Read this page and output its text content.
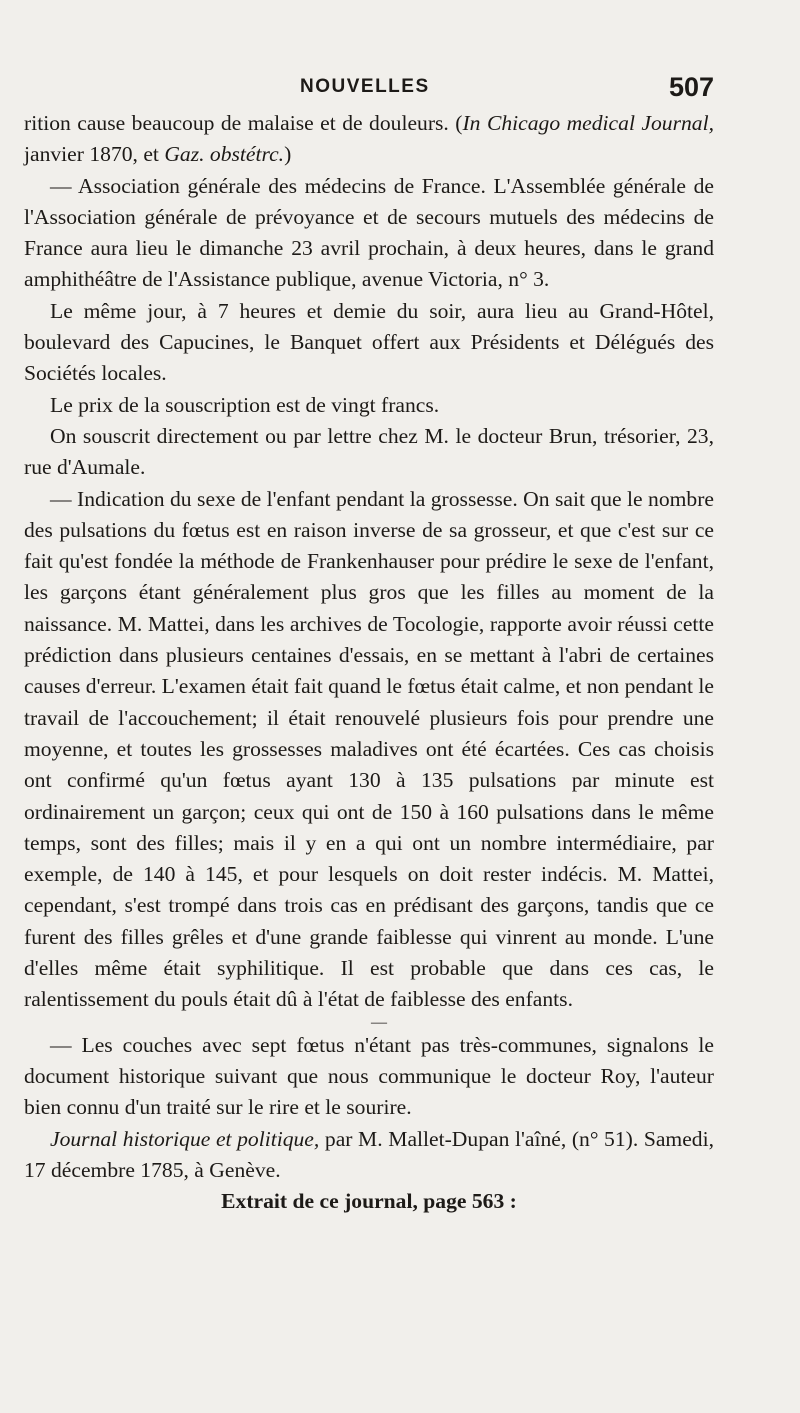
NOUVELLES	507

rition cause beaucoup de malaise et de douleurs. (In Chicago medical Journal, janvier 1870, et Gaz. obstétrc.)

— Association générale des médecins de France. L'Assemblée générale de l'Association générale de prévoyance et de secours mutuels des médecins de France aura lieu le dimanche 23 avril prochain, à deux heures, dans le grand amphithéâtre de l'Assistance publique, avenue Victoria, n° 3.

Le même jour, à 7 heures et demie du soir, aura lieu au Grand-Hôtel, boulevard des Capucines, le Banquet offert aux Présidents et Délégués des Sociétés locales.

Le prix de la souscription est de vingt francs.

On souscrit directement ou par lettre chez M. le docteur Brun, trésorier, 23, rue d'Aumale.

— Indication du sexe de l'enfant pendant la grossesse. On sait que le nombre des pulsations du fœtus est en raison inverse de sa grosseur, et que c'est sur ce fait qu'est fondée la méthode de Frankenhauser pour prédire le sexe de l'enfant, les garçons étant généralement plus gros que les filles au moment de la naissance. M. Mattei, dans les archives de Tocologie, rapporte avoir réussi cette prédiction dans plusieurs centaines d'essais, en se mettant à l'abri de certaines causes d'erreur. L'examen était fait quand le fœtus était calme, et non pendant le travail de l'accouchement; il était renouvelé plusieurs fois pour prendre une moyenne, et toutes les grossesses maladives ont été écartées. Ces cas choisis ont confirmé qu'un fœtus ayant 130 à 135 pulsations par minute est ordinairement un garçon; ceux qui ont de 150 à 160 pulsations dans le même temps, sont des filles; mais il y en a qui ont un nombre intermédiaire, par exemple, de 140 à 145, et pour lesquels on doit rester indécis. M. Mattei, cependant, s'est trompé dans trois cas en prédisant des garçons, tandis que ce furent des filles grêles et d'une grande faiblesse qui vinrent au monde. L'une d'elles même était syphilitique. Il est probable que dans ces cas, le ralentissement du pouls était dû à l'état de faiblesse des enfants.

—

— Les couches avec sept fœtus n'étant pas très-communes, signalons le document historique suivant que nous communique le docteur Roy, l'auteur bien connu d'un traité sur le rire et le sourire.

Journal historique et politique, par M. Mallet-Dupan l'aîné, (n° 51). Samedi, 17 décembre 1785, à Genève.

Extrait de ce journal, page 563 :
